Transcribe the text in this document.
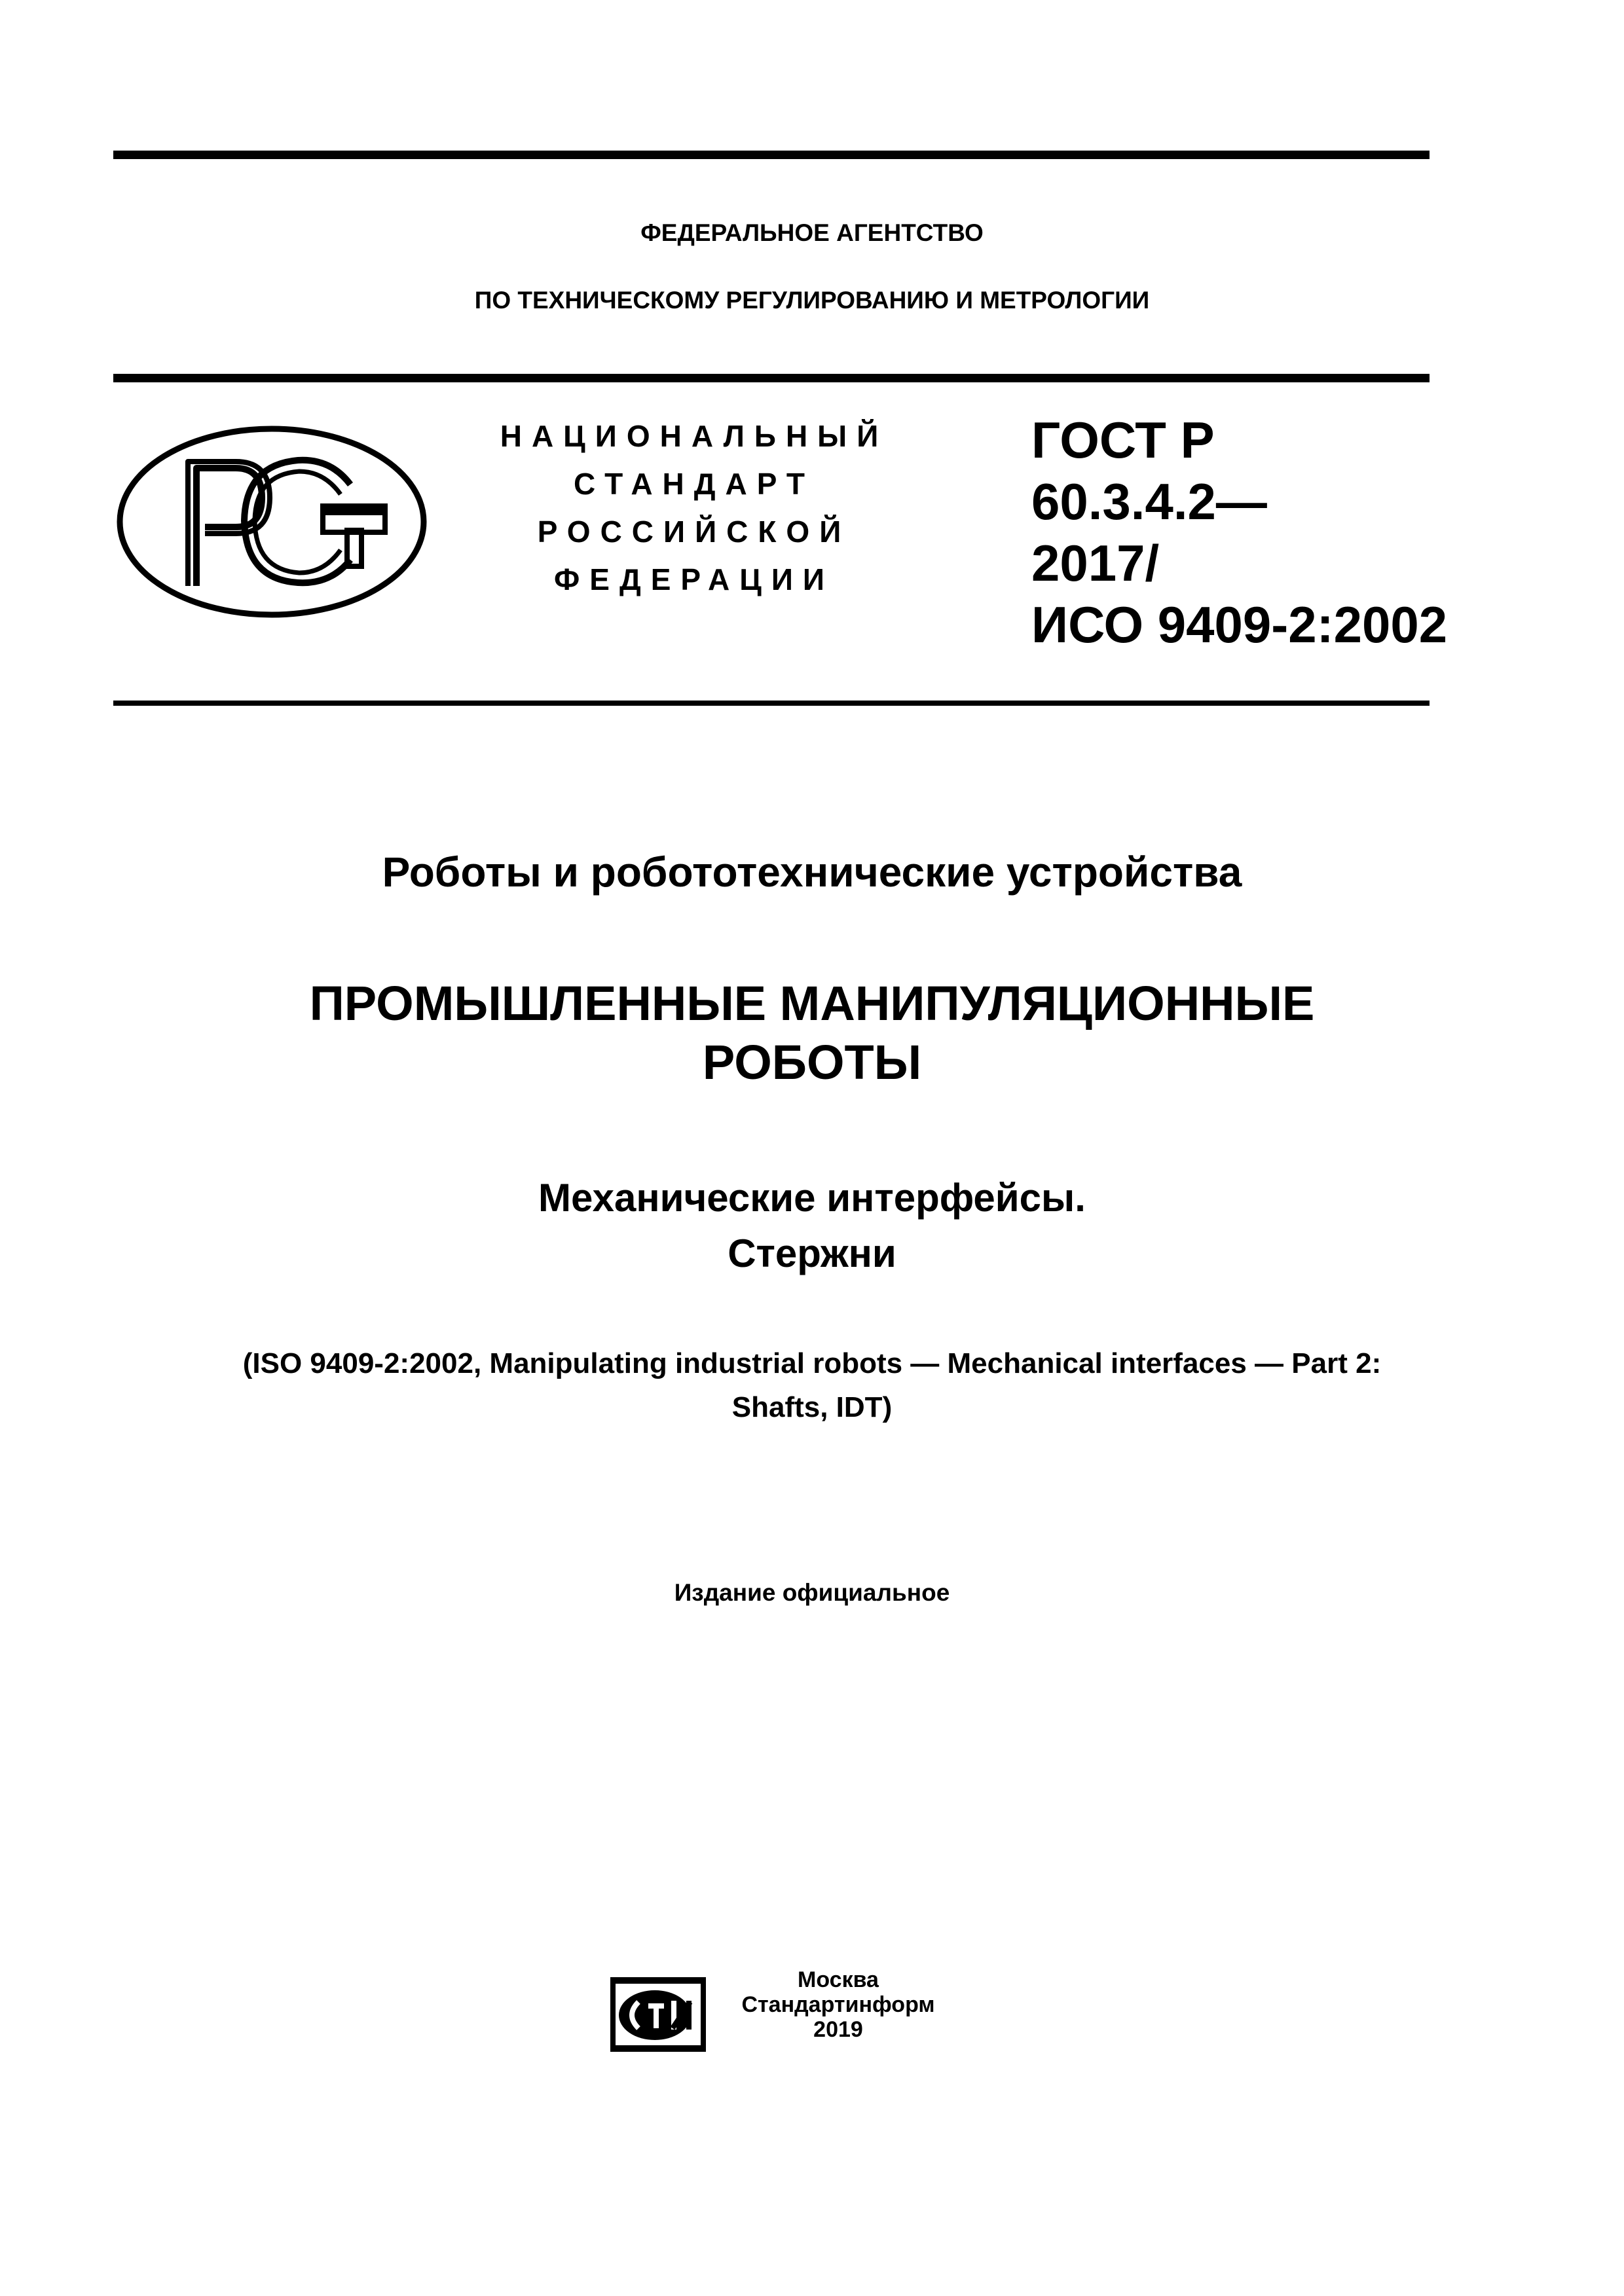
ФЕДЕРАЛЬНОЕ АГЕНТСТВО
ПО ТЕХНИЧЕСКОМУ РЕГУЛИРОВАНИЮ И МЕТРОЛОГИИ
НАЦИОНАЛЬНЫЙ
СТАНДАРТ
РОССИЙСКОЙ
ФЕДЕРАЦИИ
ГОСТ Р
60.3.4.2—
2017/
ИСО 9409-2:2002
Роботы и робототехнические устройства
ПРОМЫШЛЕННЫЕ МАНИПУЛЯЦИОННЫЕ
РОБОТЫ
Механические интерфейсы.
Стержни
(ISO 9409-2:2002, Manipulating industrial robots — Mechanical interfaces — Part 2:
Shafts, IDT)
Издание официальное
Москва
Стандартинформ
2019
